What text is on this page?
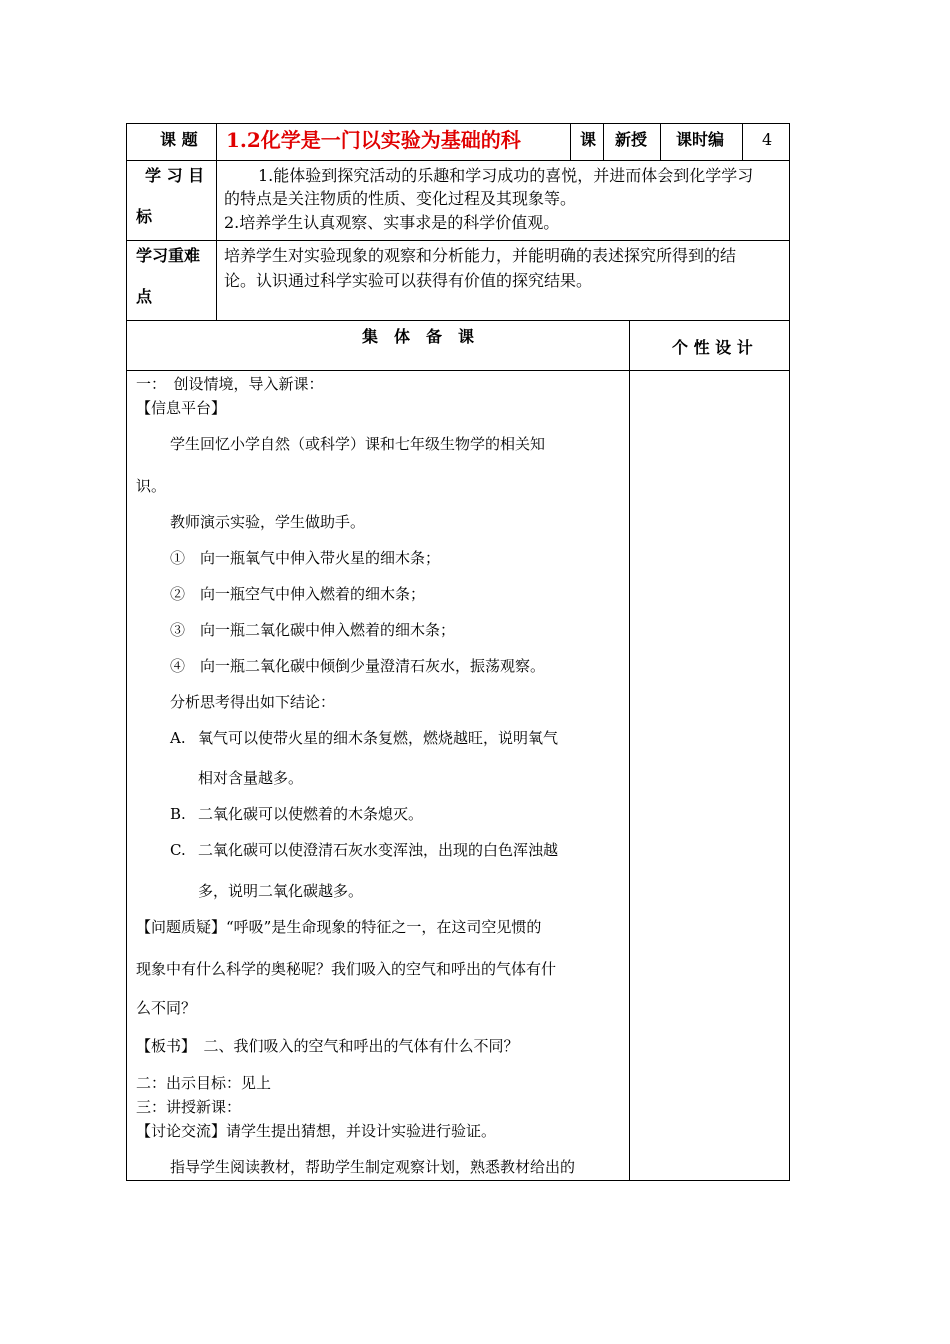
课 题 1.2化学是一门以实验为基础的科	课 新授 课时编 4
学 习 目
标
1.能体验到探究活动的乐趣和学习成功的喜悦，并进而体会到化学学习
的特点是关注物质的性质、变化过程及其现象等。
2.培养学生认真观察、实事求是的科学价值观。
学习重难
点
培养学生对实验现象的观察和分析能力，并能明确的表述探究所得到的结
论。认识通过科学实验可以获得有价值的探究结果。
集　体　备　课
个 性 设 计
一：　创设情境，导入新课：
【信息平台】
学生回忆小学自然（或科学）课和七年级生物学的相关知
识。
教师演示实验，学生做助手。
①　向一瓶氧气中伸入带火星的细木条；
②　向一瓶空气中伸入燃着的细木条；
③　向一瓶二氧化碳中伸入燃着的细木条；
④　向一瓶二氧化碳中倾倒少量澄清石灰水，振荡观察。
分析思考得出如下结论：
A. 氧气可以使带火星的细木条复燃，燃烧越旺，说明氧气
相对含量越多。
B. 二氧化碳可以使燃着的木条熄灭。
C. 二氧化碳可以使澄清石灰水变浑浊，出现的白色浑浊越
多，说明二氧化碳越多。
【问题质疑】“呼吸”是生命现象的特征之一，在这司空见惯的
现象中有什么科学的奥秘呢？我们吸入的空气和呼出的气体有什
么不同？
【板书】　二、我们吸入的空气和呼出的气体有什么不同？
二：出示目标：见上
三：讲授新课：
【讨论交流】请学生提出猜想，并设计实验进行验证。
指导学生阅读教材，帮助学生制定观察计划，熟悉教材给出的
